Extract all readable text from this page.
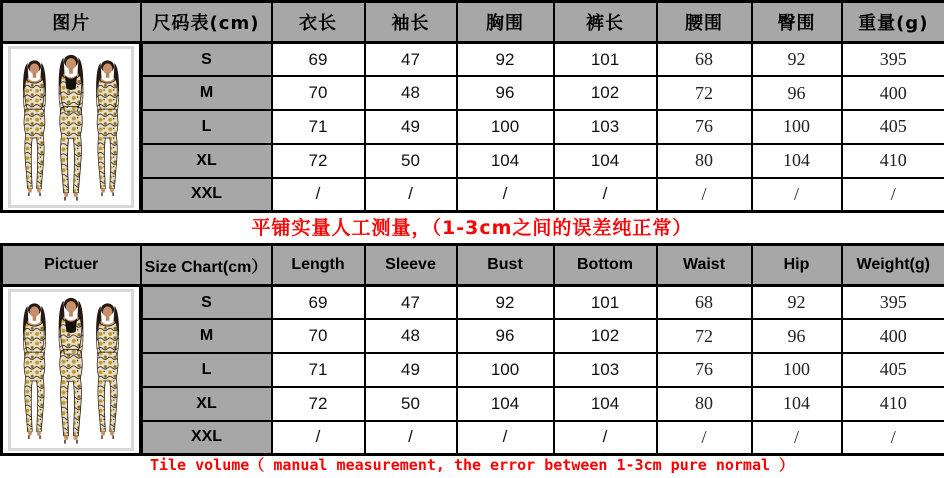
图片	尺码表(cm)	衣长	袖长	胸围	裤长	腰围	臀围	重量(g)

	S	69	47	92	101	68	92	395
	M	70	48	96	102	72	96	400
	L	71	49	100	103	76	100	405
	XL	72	50	104	104	80	104	410
	XXL	/	/	/	/	/	/	/
平铺实量人工测量，（1-3cm之间的误差纯正常）
Pictuer	Size Chart(cm）	Length	Sleeve	Bust	Bottom	Waist	Hip	Weight(g)

	S	69	47	92	101	68	92	395
	M	70	48	96	102	72	96	400
	L	71	49	100	103	76	100	405
	XL	72	50	104	104	80	104	410
	XXL	/	/	/	/	/	/	/
Tile volume（ manual measurement, the error between 1-3cm pure normal ）
